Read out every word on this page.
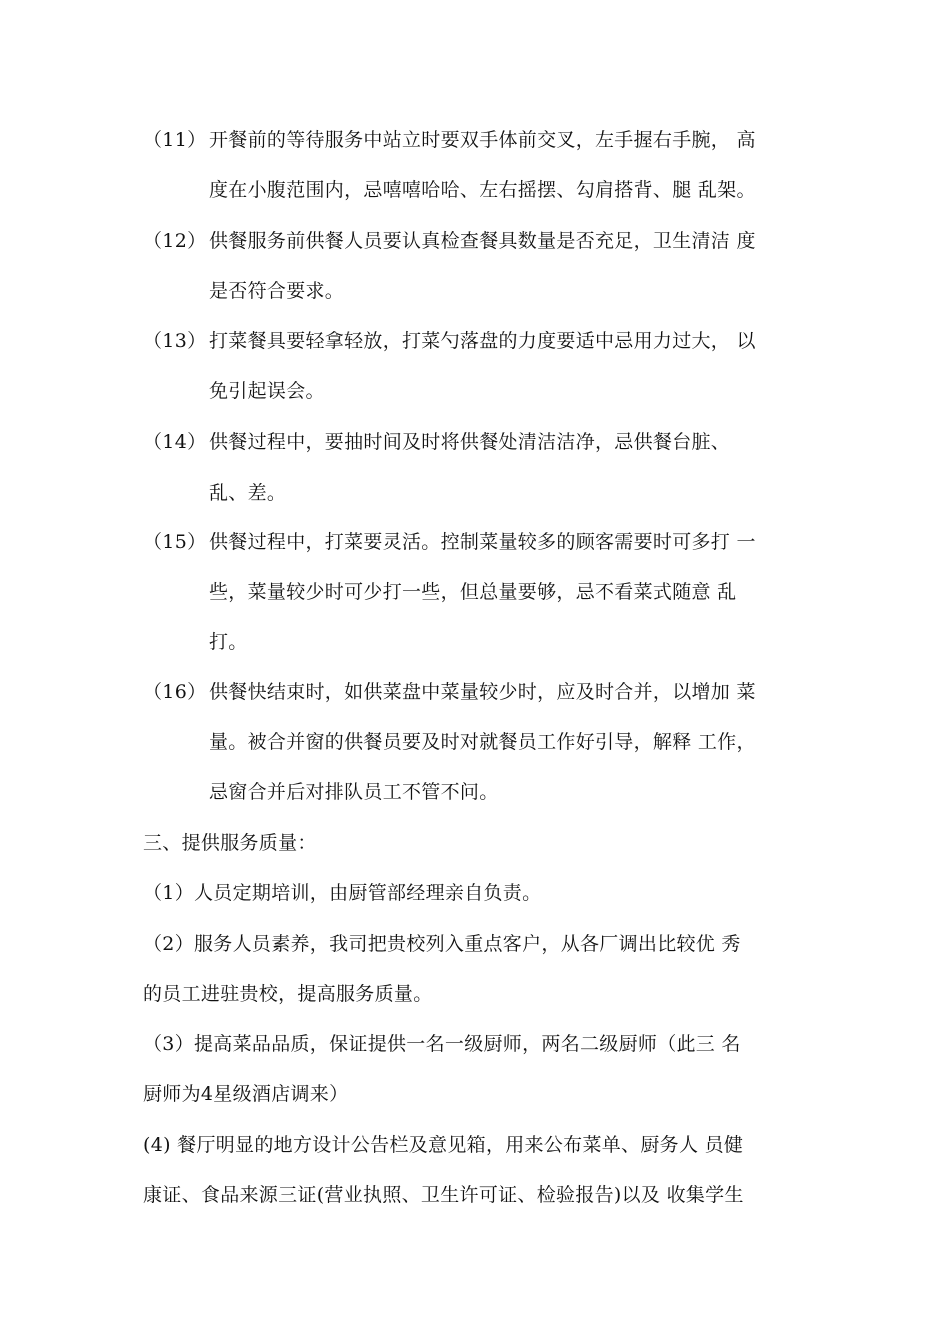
（11） 开餐前的等待服务中站立时要双手体前交叉，左手握右手腕， 高
度在小腹范围内，忌嘻嘻哈哈、左右摇摆、勾肩搭背、腿 乱架。
（12） 供餐服务前供餐人员要认真检查餐具数量是否充足，卫生清洁 度
是否符合要求。
（13） 打菜餐具要轻拿轻放，打菜勺落盘的力度要适中忌用力过大， 以
免引起误会。
（14） 供餐过程中，要抽时间及时将供餐处清洁洁净，忌供餐台脏、
乱、差。
（15） 供餐过程中，打菜要灵活。控制菜量较多的顾客需要时可多打 一
些，菜量较少时可少打一些，但总量要够，忌不看菜式随意 乱
打。
（16） 供餐快结束时，如供菜盘中菜量较少时，应及时合并，以增加 菜
量。被合并窗的供餐员要及时对就餐员工作好引导，解释 工作，
忌窗合并后对排队员工不管不问。
三、提供服务质量：
（1）人员定期培训，由厨管部经理亲自负责。
（2）服务人员素养，我司把贵校列入重点客户，从各厂调出比较优 秀
的员工进驻贵校，提高服务质量。
（3）提高菜品品质，保证提供一名一级厨师，两名二级厨师（此三 名
厨师为4星级酒店调来）
(4) 餐厅明显的地方设计公告栏及意见箱，用来公布菜单、厨务人 员健
康证、食品来源三证(营业执照、卫生许可证、检验报告)以及 收集学生
